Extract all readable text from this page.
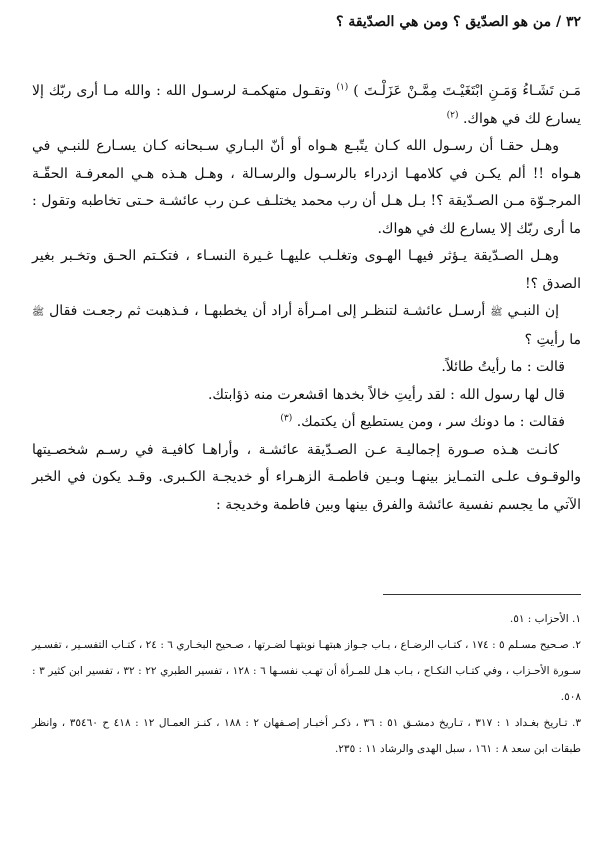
٣٢ / من هو الصدّيق ؟ ومن هي الصدّيقة ؟

مَـن تَشَـاءُ وَمَـنِ ابْتَغَيْـتَ مِمَّـنْ عَزَلْـتَ ) $^{(١)}$ وتقـول متهكمـة لرسـول الله : والله مـا أرى ربّك إلا يسارع لك في هواك. $^{(٢)}$

وهـل حقـا أن رسـول الله كـان يتّبـع هـواه أو أنّ البـاري سـبحانه كـان يسـارع للنبـي في هـواه !! ألم يكـن في كلامهـا ازدراء بالرسـول والرسـالة ، وهـل هـذه هـي المعرفـة الحقّـة المرجـوّة مـن الصـدّيقة ؟! بـل هـل أن رب محمد يختلـف عـن رب عائشـة حـتى تخاطبه وتقول : ما أرى ربّك إلا يسارع لك في هواك.

وهـل الصـدّيقة يـؤثر فيهـا الهـوى وتغلـب عليهـا غـيرة النسـاء ، فتكـتم الحـق وتخـبر بغير الصدق ؟!

إن النبـي ﷺ أرسـل عائشـة لتنظـر إلى امـرأة أراد أن يخطبهـا ، فـذهبت ثم رجعـت فقال ﷺ ما رأيتِ ؟

قالت : ما رأيتُ طائلاً.

قال لها رسول الله : لقد رأيتِ خالاً بخدها اقشعرت منه ذؤابتك.

فقالت : ما دونك سر ، ومن يستطيع أن يكتمك. $^{(٣)}$

كانـت هـذه صـورة إجماليـة عـن الصـدّيقة عائشـة ، وأراهـا كافيـة في رسـم شخصـيتها والوقـوف علـى التمـايز بينهـا وبـين فاطمـة الزهـراء أو خديجـة الكـبرى. وقـد يكون في الخبر الآتي ما يجسم نفسية عائشة والفرق بينها وبين فاطمة وخديجة :

١. الأحزاب : ٥١.

٢. صـحيح مسـلم ٥ : ١٧٤ ، كتـاب الرضـاع ، بـاب جـواز هبتهـا نوبتهـا لضـرتها ، صـحيح البخـاري ٦ : ٢٤ ، كتـاب التفسـير ، تفسـير سـورة الأحـزاب ، وفي كتـاب النكـاح ، بـاب هـل للمـرأة أن تهـب نفسـها ٦ : ١٢٨ ، تفسير الطبري ٢٢ : ٣٢ ، تفسير ابن كثير ٣ : ٥٠٨.

٣. تـاريخ بغـداد ١ : ٣١٧ ، تـاريخ دمشـق ٥١ : ٣٦ ، ذكـر أخبـار إصـفهان ٢ : ١٨٨ ، كنـز العمـال ١٢ : ٤١٨ ح ٣٥٤٦٠ ، وانظر طبقات ابن سعد ٨ : ١٦١ ، سبل الهدى والرشاد ١١ : ٢٣٥.
